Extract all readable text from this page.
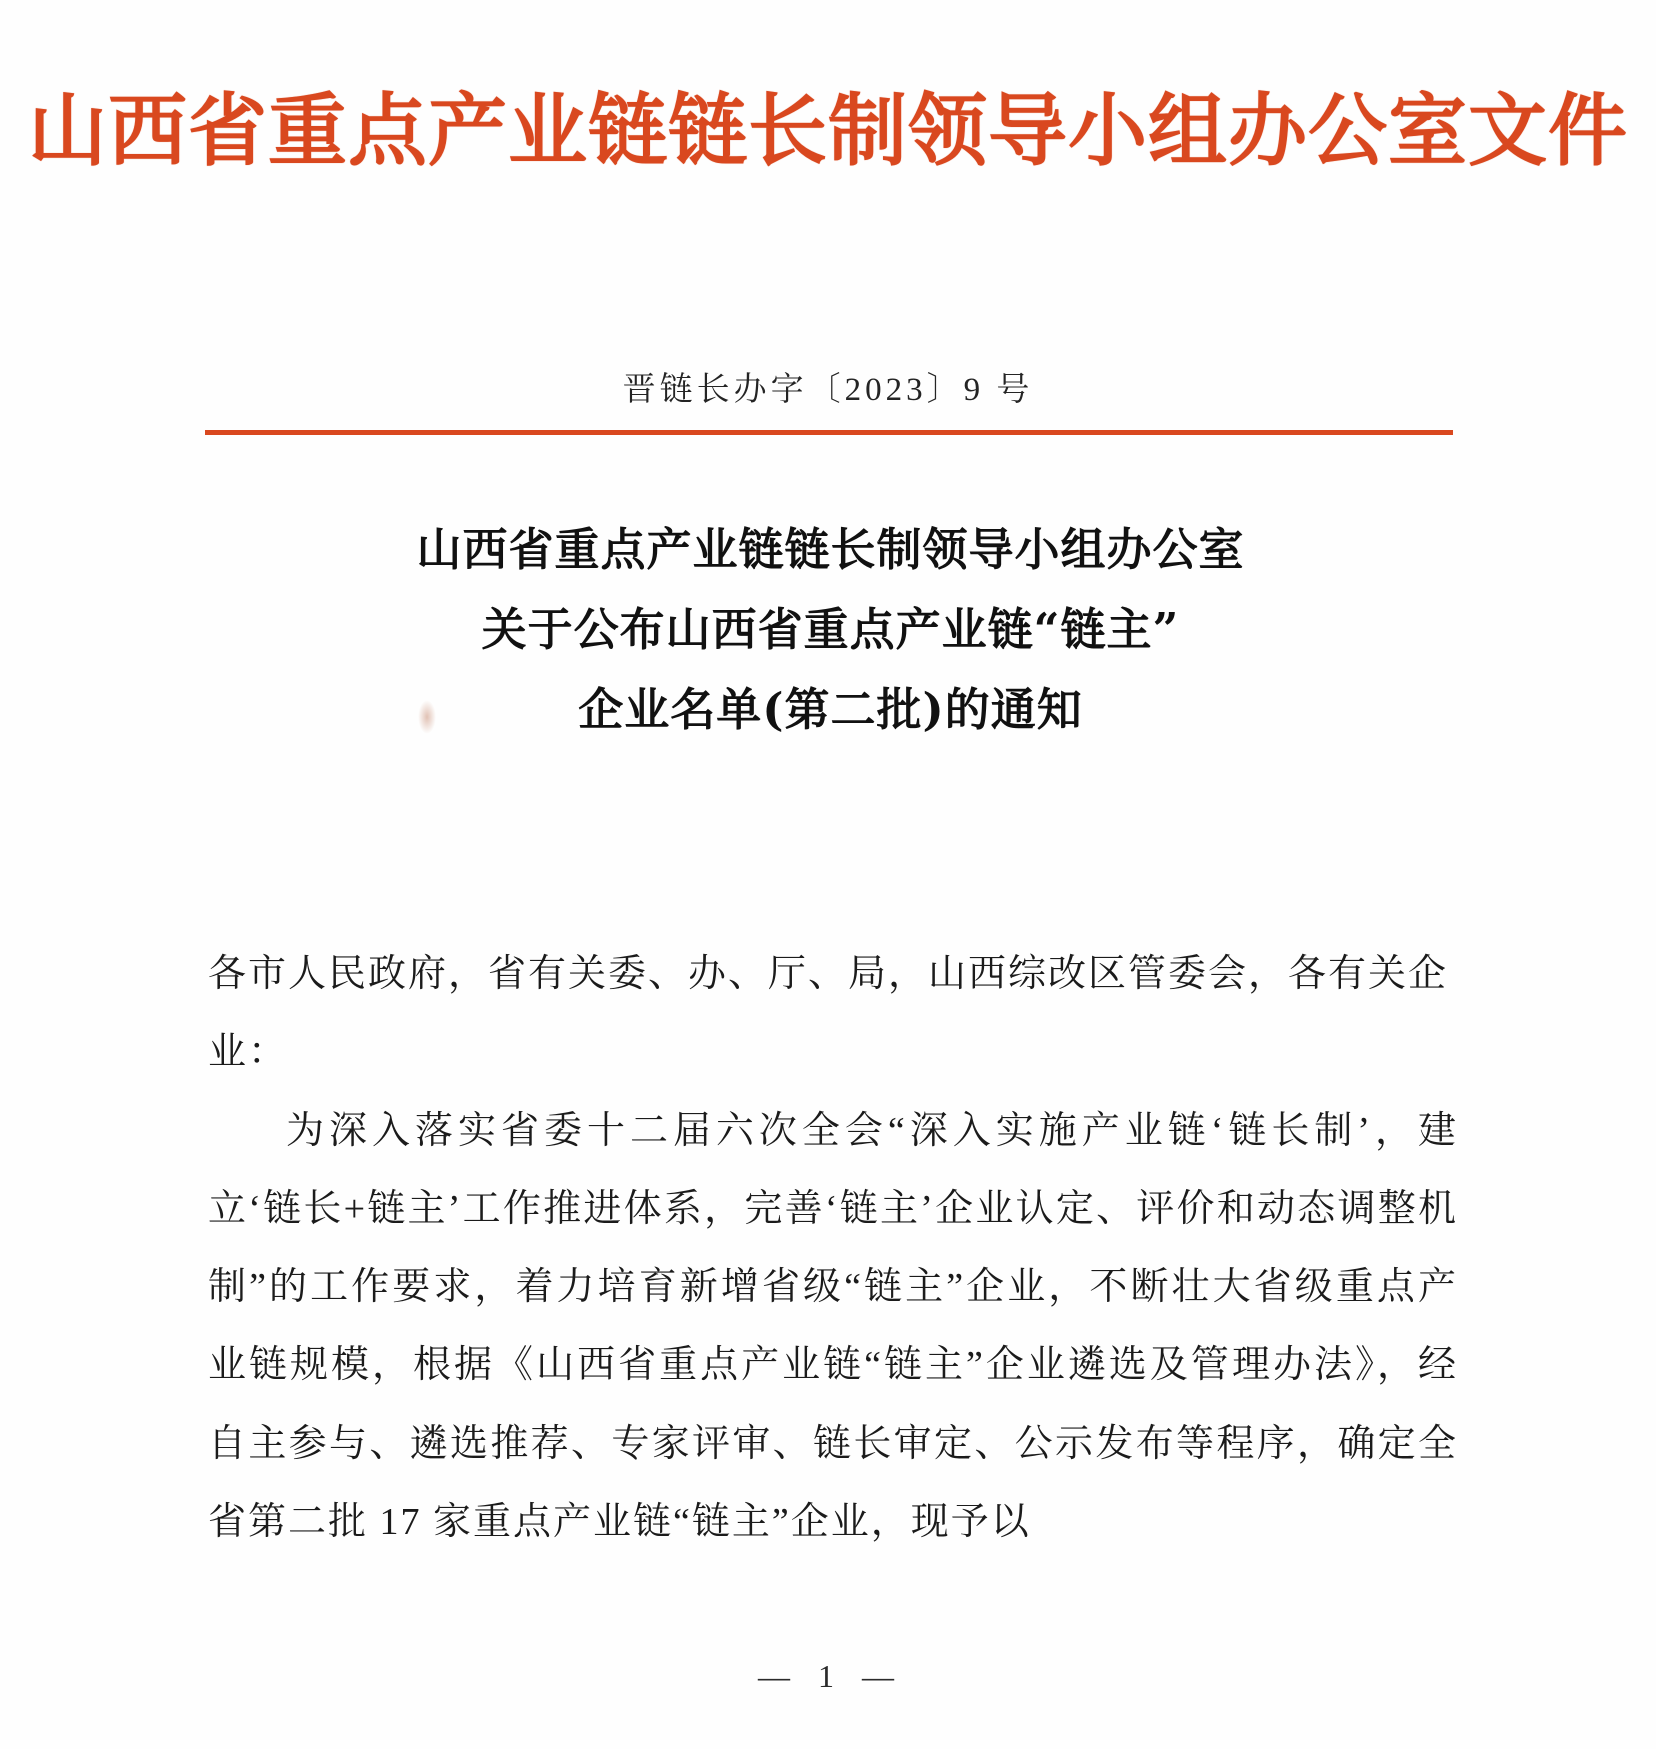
山西省重点产业链链长制领导小组办公室文件
晋链长办字〔2023〕9 号
山西省重点产业链链长制领导小组办公室
关于公布山西省重点产业链“链主”
企业名单(第二批)的通知

各市人民政府，省有关委、办、厅、局，山西综改区管委会，各有关企

业：

为深入落实省委十二届六次全会“深入实施产业链‘链长制’，建立‘链长+链主’工作推进体系，完善‘链主’企业认定、评价和动态调整机制”的工作要求，着力培育新增省级“链主”企业，不断壮大省级重点产业链规模，根据《山西省重点产业链“链主”企业遴选及管理办法》，经自主参与、遴选推荐、专家评审、链长审定、公示发布等程序，确定全省第二批 17 家重点产业链“链主”企业，现予以

— 1 —
